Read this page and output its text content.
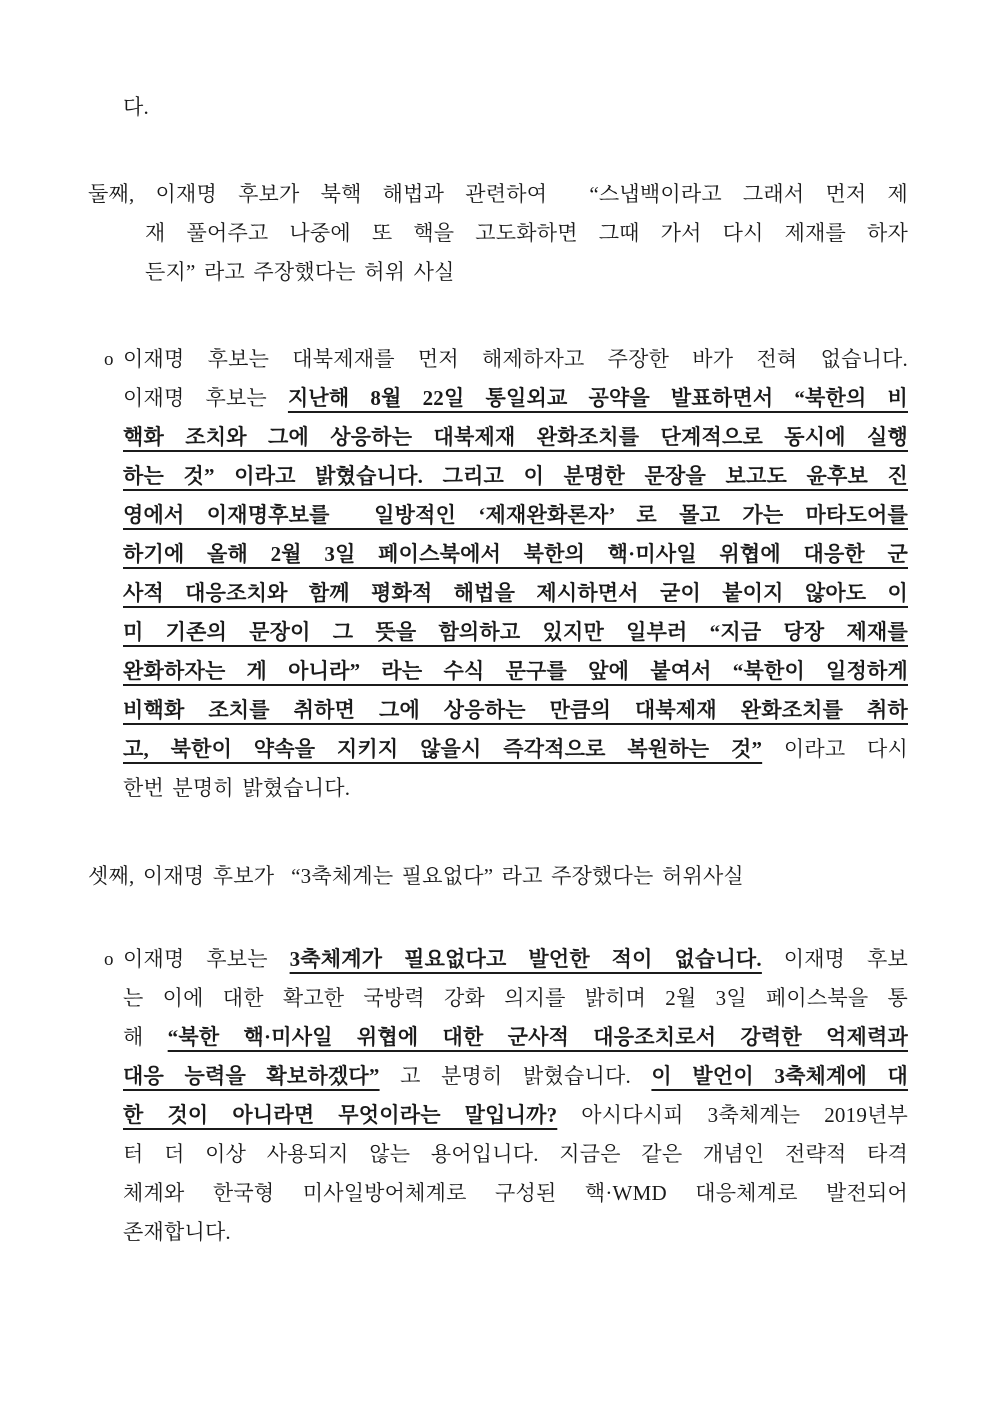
다.
둘째, 이재명 후보가 북핵 해법과 관련하여  “스냅백이라고 그래서 먼저 제
재 풀어주고 나중에 또 핵을 고도화하면 그때 가서 다시 제재를 하자
든지” 라고 주장했다는 허위 사실
o 이재명 후보는 대북제재를 먼저 해제하자고 주장한 바가 전혀 없습니다.
이재명 후보는 지난해 8월 22일 통일외교 공약을 발표하면서 “북한의 비
핵화 조치와 그에 상응하는 대북제재 완화조치를 단계적으로 동시에 실행
하는 것” 이라고 밝혔습니다. 그리고 이 분명한 문장을 보고도 윤후보 진
영에서 이재명후보를  일방적인 ‘제재완화론자’ 로 몰고 가는 마타도어를
하기에 올해 2월 3일 페이스북에서 북한의 핵·미사일 위협에 대응한 군
사적 대응조치와 함께 평화적 해법을 제시하면서 굳이 붙이지 않아도 이
미 기존의 문장이 그 뜻을 함의하고 있지만 일부러 “지금 당장 제재를
완화하자는 게 아니라” 라는 수식 문구를 앞에 붙여서 “북한이 일정하게
비핵화 조치를 취하면 그에 상응하는 만큼의 대북제재 완화조치를 취하
고, 북한이 약속을 지키지 않을시 즉각적으로 복원하는 것” 이라고 다시
한번 분명히 밝혔습니다.
셋째, 이재명 후보가  “3축체계는 필요없다” 라고 주장했다는 허위사실
o 이재명 후보는 3축체계가 필요없다고 발언한 적이 없습니다. 이재명 후보
는 이에 대한 확고한 국방력 강화 의지를 밝히며 2월 3일 페이스북을 통
해 “북한 핵·미사일 위협에 대한 군사적 대응조치로서 강력한 억제력과
대응 능력을 확보하겠다” 고 분명히 밝혔습니다. 이 발언이 3축체계에 대
한 것이 아니라면 무엇이라는 말입니까? 아시다시피 3축체계는 2019년부
터 더 이상 사용되지 않는 용어입니다. 지금은 같은 개념인 전략적 타격
체계와 한국형 미사일방어체계로 구성된 핵·WMD 대응체계로 발전되어
존재합니다.
